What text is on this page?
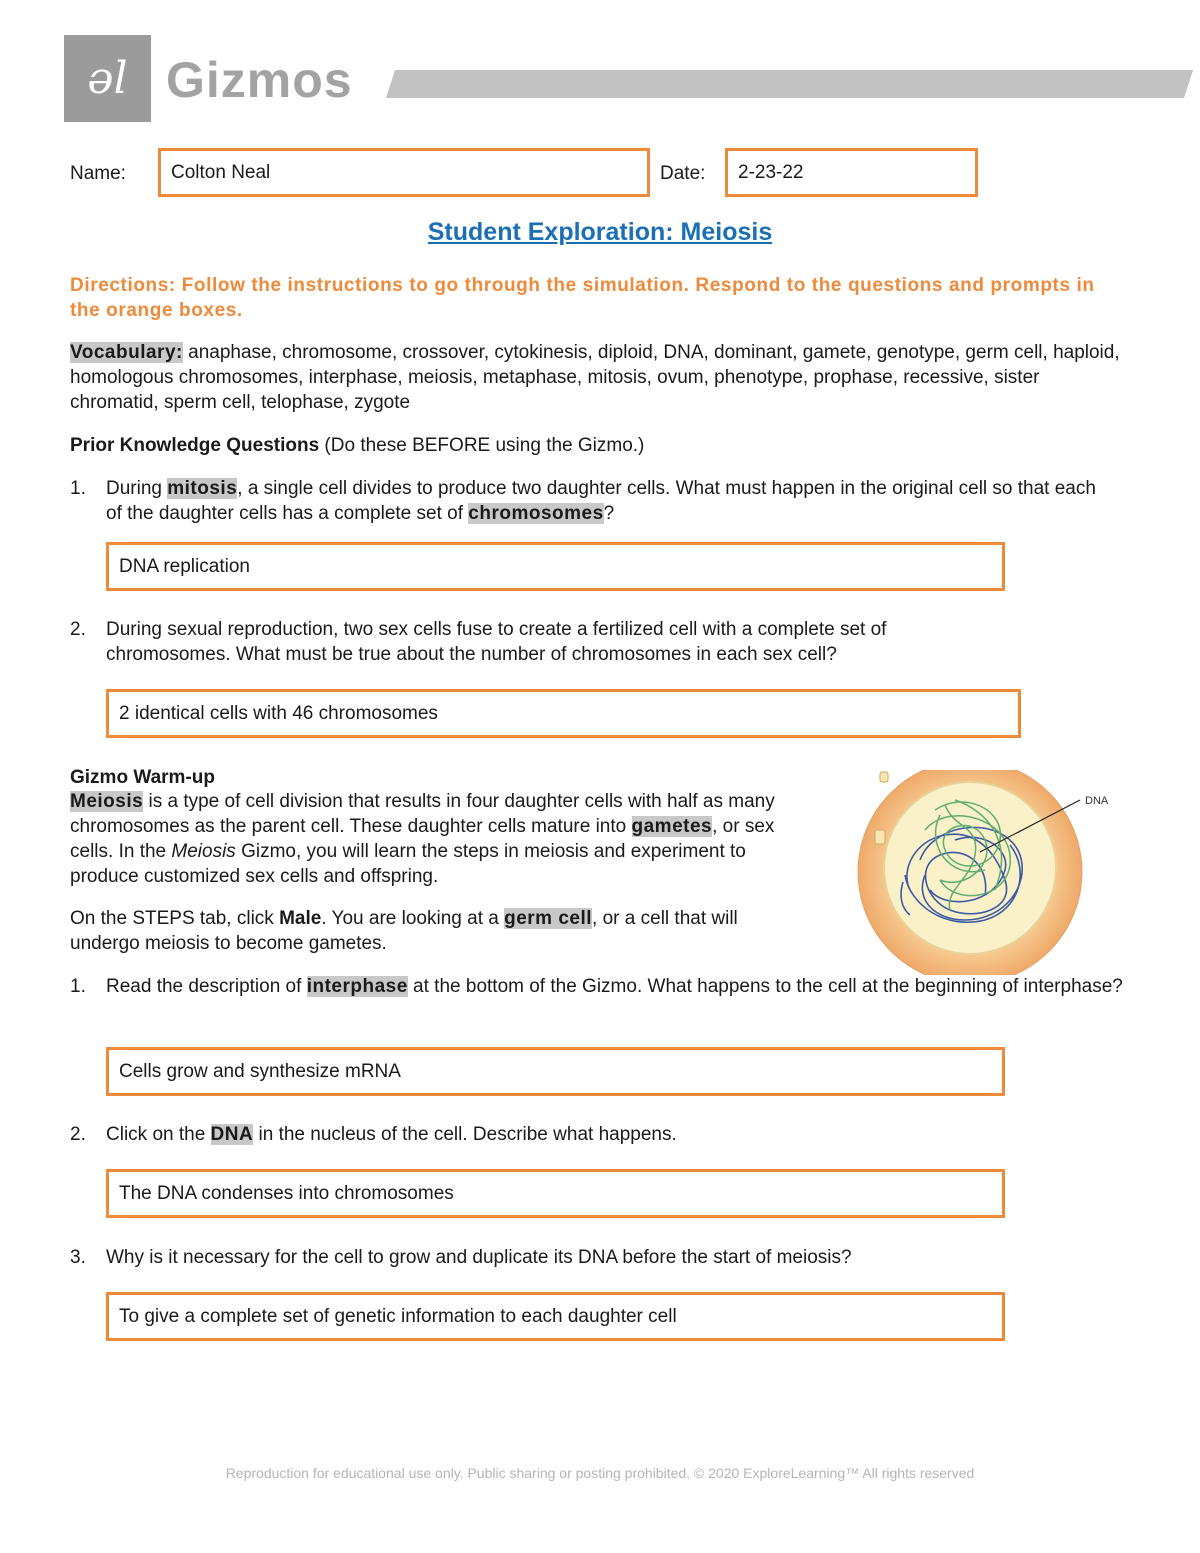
əl Gizmos
Name: Colton Neal	Date: 2-23-22
Student Exploration: Meiosis
Directions: Follow the instructions to go through the simulation. Respond to the questions and prompts in the orange boxes.
Vocabulary: anaphase, chromosome, crossover, cytokinesis, diploid, DNA, dominant, gamete, genotype, germ cell, haploid, homologous chromosomes, interphase, meiosis, metaphase, mitosis, ovum, phenotype, prophase, recessive, sister chromatid, sperm cell, telophase, zygote
Prior Knowledge Questions (Do these BEFORE using the Gizmo.)
1.	During mitosis, a single cell divides to produce two daughter cells. What must happen in the original cell so that each of the daughter cells has a complete set of chromosomes?
DNA replication
2.	During sexual reproduction, two sex cells fuse to create a fertilized cell with a complete set of chromosomes. What must be true about the number of chromosomes in each sex cell?
2 identical cells with 46 chromosomes
Gizmo Warm-up
Meiosis is a type of cell division that results in four daughter cells with half as many chromosomes as the parent cell. These daughter cells mature into gametes, or sex cells. In the Meiosis Gizmo, you will learn the steps in meiosis and experiment to produce customized sex cells and offspring.
On the STEPS tab, click Male. You are looking at a germ cell, or a cell that will undergo meiosis to become gametes.
DNA
1.	Read the description of interphase at the bottom of the Gizmo. What happens to the cell at the beginning of interphase?
Cells grow and synthesize mRNA
2.	Click on the DNA in the nucleus of the cell. Describe what happens.
The DNA condenses into chromosomes
3.	Why is it necessary for the cell to grow and duplicate its DNA before the start of meiosis?
To give a complete set of genetic information to each daughter cell
Reproduction for educational use only. Public sharing or posting prohibited. © 2020 ExploreLearning™ All rights reserved
